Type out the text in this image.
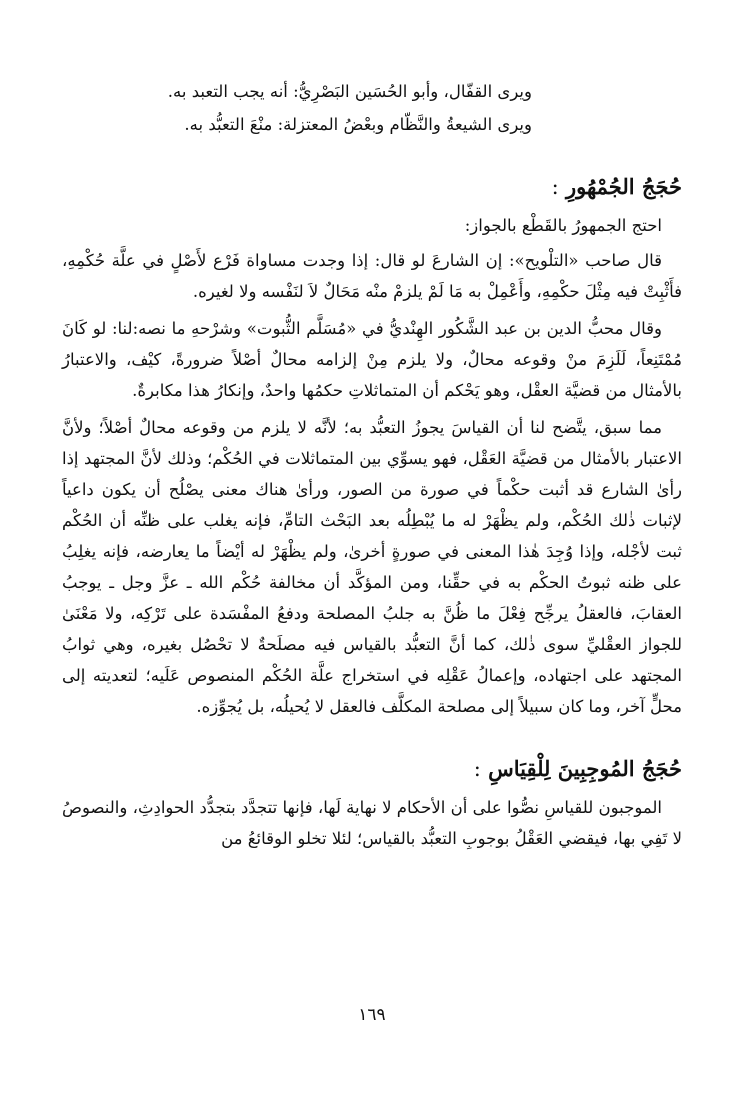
ويرى القفّال، وأبو الحُسَين البَصْرِيُّ: أنه يجب التعبد به.

ويرى الشيعةُ والنَّظّام وبعْضُ المعتزلة: منْعَ التعبُّد به.

حُجَجُ الجُمْهُورِ :

احتج الجمهورُ بالقَطْع بالجواز:

قال صاحب «التلْويح»: إن الشارعَ لو قال: إذا وجدت مساواة فَرْع لأَصْلٍ في علَّة حُكْمِهِ، فأَثْبِتْ فيه مِثْلَ حكْمِهِ، وأَعْمِلْ به مَا لَمْ يلزمْ منْه مَحَالٌ لاَ لنَفْسه ولا لغيره.

وقال محبُّ الدين بن عبد الشَّكُور الهِنْديُّ في «مُسَلَّم الثُّبوت» وشرْحهِ ما نصه:لنا: لو كَانَ مُمْتَنِعاً، لَلَزِمَ منْ وقوعه محالٌ، ولا يلزم مِنْ إلزامه محالٌ أصْلاً ضرورةً، كيْف، والاعتبارُ بالأمثال من قضيَّة العقْل، وهو يَحْكم أن المتماثلاتِ حكمُها واحدٌ، وإنكارُ هذا مكابرةٌ.

مما سبق، يتَّضح لنا أن القياسَ يجوزُ التعبُّد به؛ لأنَّه لا يلزم من وقوعه محالٌ أصْلاً؛ ولأنَّ الاعتبار بالأمثال من قضيَّة العَقْل، فهو يسوِّي بين المتماثلات في الحُكْم؛ وذلك لأنَّ المجتهد إذا رأىٰ الشارع قد أثبت حكْماً في صورة من الصور، ورأىٰ هناك معنى يصْلُح أن يكون داعياً لإثبات ذٰلك الحُكْم، ولم يظْهَرْ له ما يُبْطِلُه بعد البَحْث التامِّ، فإنه يغلب على ظنِّه أن الحُكْم ثبت لأجْله، وإذا وُجِدَ هٰذا المعنى في صورةٍ أخرىٰ، ولم يظْهَرْ له أيْضاً ما يعارضه، فإنه يغلِبُ على ظنه ثبوتُ الحكْم به في حقِّنا، ومن المؤكَّد أن مخالفة حُكْم الله ـ عزَّ وجل ـ يوجبُ العقابَ، فالعقلُ يرجِّح فِعْلَ ما ظُنَّ به جلبُ المصلحة ودفعُ المفْسَدة على تَرْكِه، ولا مَعْنَىٰ للجواز العقْليِّ سوى ذٰلك، كما أنَّ التعبُّد بالقياس فيه مصلَحةٌ لا تحْصُل بغيره، وهي ثوابُ المجتهد على اجتهاده، وإعمالُ عَقْلِه في استخراج علَّة الحُكْم المنصوص عَلَيه؛ لتعديته إلى محلٍّ آخر، وما كان سبيلاً إلى مصلحة المكلَّف فالعقل لا يُحيلُه، بل يُجوِّزه.

حُجَجُ المُوجِبِينَ لِلْقِيَاسِ :

الموجبون للقياسِ نصُّوا على أن الأحكام لا نهاية لَها، فإنها تتجدَّد بتجدُّد الحوادِثِ، والنصوصُ لا تَفِي بها، فيقضي العَقْلُ بوجوبِ التعبُّد بالقياس؛ لئلا تخلو الوقائعُ من

١٦٩
